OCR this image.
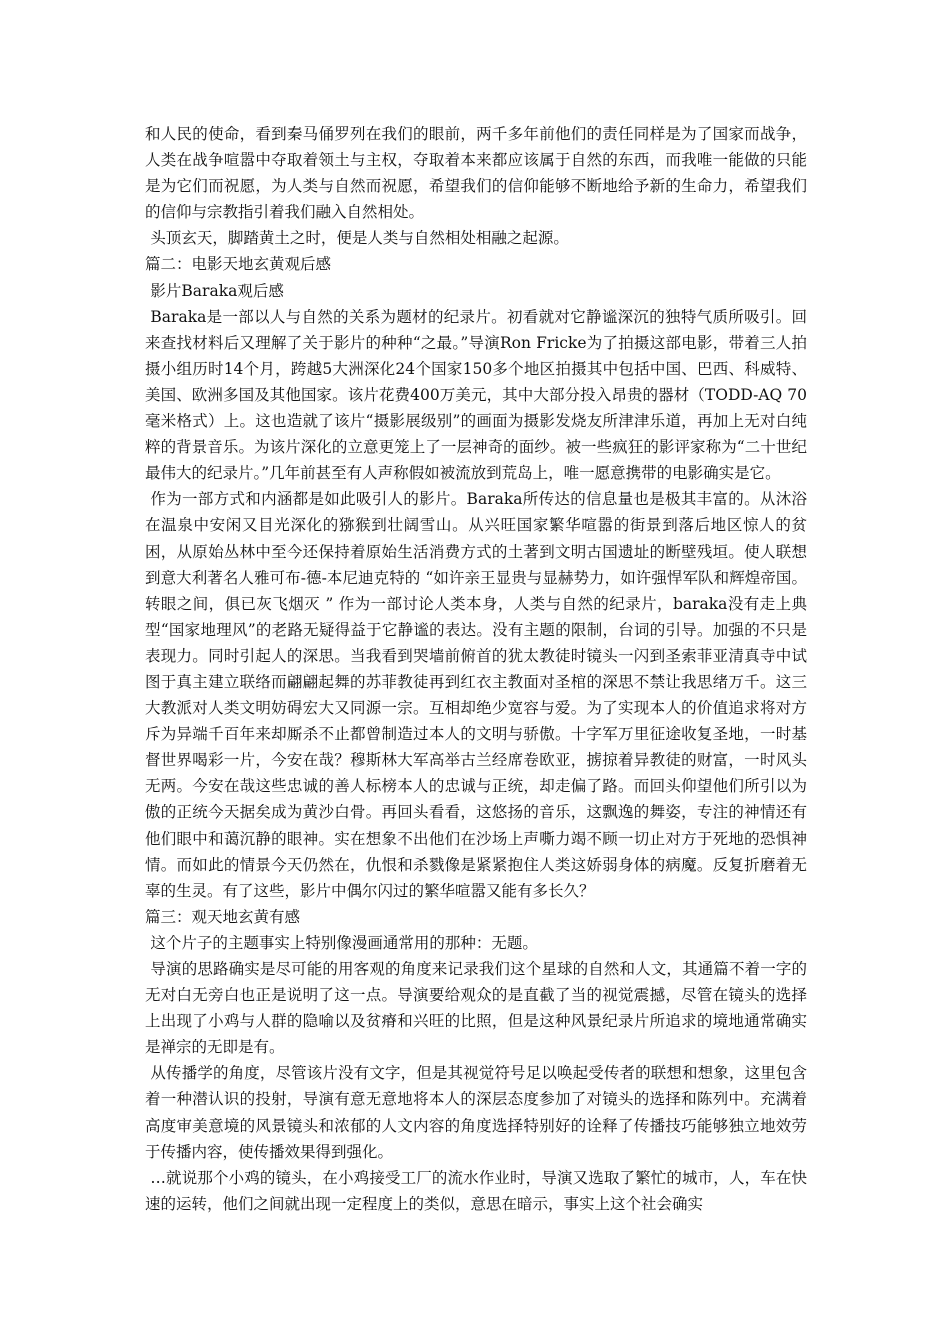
和人民的使命，看到秦马俑罗列在我们的眼前，两千多年前他们的责任同样是为了国家而战争，人类在战争喧嚣中夺取着领土与主权，夺取着本来都应该属于自然的东西，而我唯一能做的只能是为它们而祝愿，为人类与自然而祝愿，希望我们的信仰能够不断地给予新的生命力，希望我们的信仰与宗教指引着我们融入自然相处。

头顶玄天，脚踏黄土之时，便是人类与自然相处相融之起源。

篇二：电影天地玄黄观后感

影片Baraka观后感

Baraka是一部以人与自然的关系为题材的纪录片。初看就对它静谧深沉的独特气质所吸引。回来查找材料后又理解了关于影片的种种“之最。”导演Ron Fricke为了拍摄这部电影，带着三人拍摄小组历时14个月，跨越5大洲深化24个国家150多个地区拍摄其中包括中国、巴西、科威特、美国、欧洲多国及其他国家。该片花费400万美元，其中大部分投入昂贵的器材（TODD-AQ 70毫米格式）上。这也造就了该片“摄影展级别”的画面为摄影发烧友所津津乐道，再加上无对白纯粹的背景音乐。为该片深化的立意更笼上了一层神奇的面纱。被一些疯狂的影评家称为“二十世纪最伟大的纪录片。”几年前甚至有人声称假如被流放到荒岛上，唯一愿意携带的电影确实是它。

作为一部方式和内涵都是如此吸引人的影片。Baraka所传达的信息量也是极其丰富的。从沐浴在温泉中安闲又目光深化的猕猴到壮阔雪山。从兴旺国家繁华喧嚣的街景到落后地区惊人的贫困，从原始丛林中至今还保持着原始生活消费方式的土著到文明古国遗址的断壁残垣。使人联想到意大利著名人雅可布-德-本尼迪克特的 “如许亲王显贵与显赫势力，如许强悍军队和辉煌帝国。转眼之间，俱已灰飞烟灭 ” 作为一部讨论人类本身，人类与自然的纪录片，baraka没有走上典型“国家地理风”的老路无疑得益于它静谧的表达。没有主题的限制，台词的引导。加强的不只是表现力。同时引起人的深思。当我看到哭墙前俯首的犹太教徒时镜头一闪到圣索菲亚清真寺中试图于真主建立联络而翩翩起舞的苏菲教徒再到红衣主教面对圣棺的深思不禁让我思绪万千。这三大教派对人类文明妨碍宏大又同源一宗。互相却绝少宽容与爱。为了实现本人的价值追求将对方斥为异端千百年来却厮杀不止都曾制造过本人的文明与骄傲。十字军万里征途收复圣地，一时基督世界喝彩一片，今安在哉？穆斯林大军高举古兰经席卷欧亚，掳掠着异教徒的财富，一时风头无两。今安在哉这些忠诚的善人标榜本人的忠诚与正统，却走偏了路。而回头仰望他们所引以为傲的正统今天据矣成为黄沙白骨。再回头看看，这悠扬的音乐，这飘逸的舞姿，专注的神情还有他们眼中和蔼沉静的眼神。实在想象不出他们在沙场上声嘶力竭不顾一切止对方于死地的恐惧神情。而如此的情景今天仍然在，仇恨和杀戮像是紧紧抱住人类这娇弱身体的病魔。反复折磨着无辜的生灵。有了这些，影片中偶尔闪过的繁华喧嚣又能有多长久？

篇三：观天地玄黄有感

这个片子的主题事实上特别像漫画通常用的那种：无题。

导演的思路确实是尽可能的用客观的角度来记录我们这个星球的自然和人文，其通篇不着一字的无对白无旁白也正是说明了这一点。导演要给观众的是直截了当的视觉震撼，尽管在镜头的选择上出现了小鸡与人群的隐喻以及贫瘠和兴旺的比照，但是这种风景纪录片所追求的境地通常确实是禅宗的无即是有。

从传播学的角度，尽管该片没有文字，但是其视觉符号足以唤起受传者的联想和想象，这里包含着一种潜认识的投射，导演有意无意地将本人的深层态度参加了对镜头的选择和陈列中。充满着高度审美意境的风景镜头和浓郁的人文内容的角度选择特别好的诠释了传播技巧能够独立地效劳于传播内容，使传播效果得到强化。

…就说那个小鸡的镜头，在小鸡接受工厂的流水作业时，导演又选取了繁忙的城市，人，车在快速的运转，他们之间就出现一定程度上的类似，意思在暗示，事实上这个社会确实
